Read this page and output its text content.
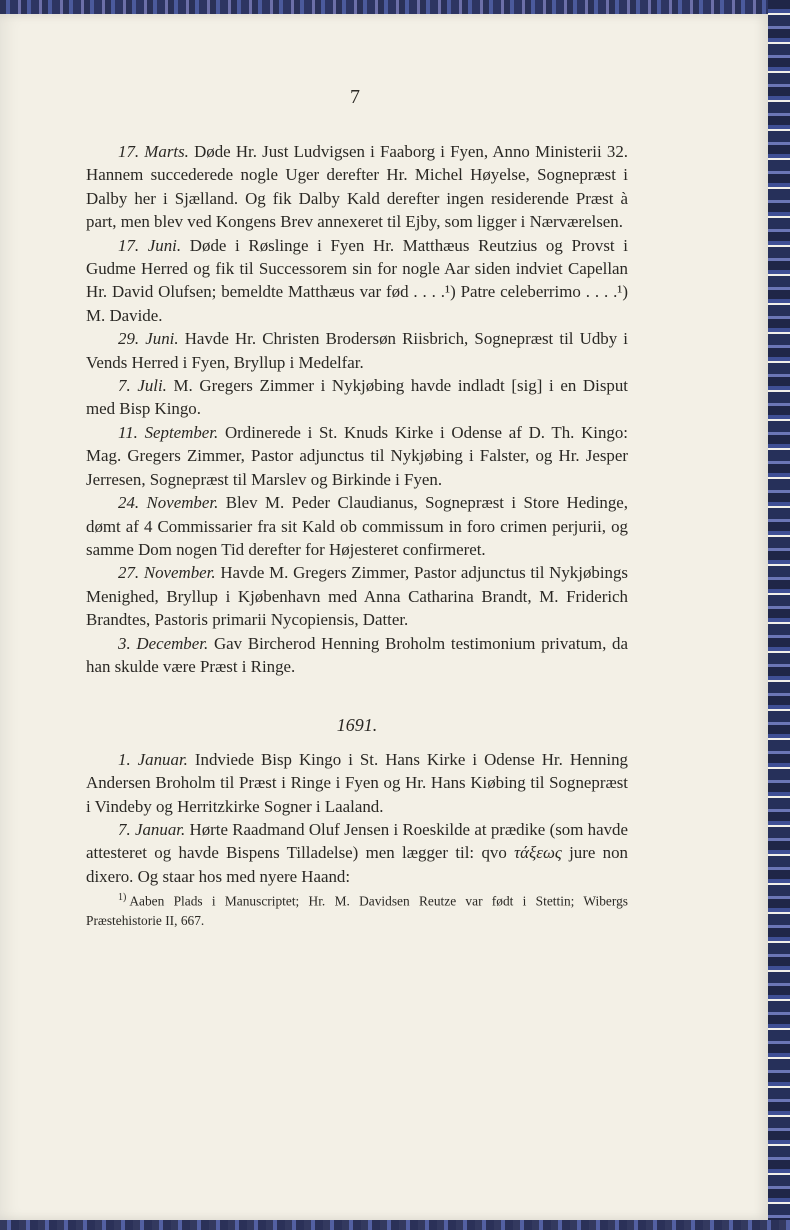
7

17. Marts. Døde Hr. Just Ludvigsen i Faaborg i Fyen, Anno Ministerii 32. Hannem succederede nogle Uger derefter Hr. Michel Høyelse, Sognepræst i Dalby her i Sjælland. Og fik Dalby Kald derefter ingen residerende Præst à part, men blev ved Kongens Brev annexeret til Ejby, som ligger i Nærværelsen.

17. Juni. Døde i Røslinge i Fyen Hr. Matthæus Reutzius og Provst i Gudme Herred og fik til Successorem sin for nogle Aar siden indviet Capellan Hr. David Olufsen; bemeldte Matthæus var fød . . . .¹) Patre celeberrimo . . . .¹) M. Davide.

29. Juni. Havde Hr. Christen Brodersøn Riisbrich, Sognepræst til Udby i Vends Herred i Fyen, Bryllup i Medelfar.

7. Juli. M. Gregers Zimmer i Nykjøbing havde indladt [sig] i en Disput med Bisp Kingo.

11. September. Ordinerede i St. Knuds Kirke i Odense af D. Th. Kingo: Mag. Gregers Zimmer, Pastor adjunctus til Nykjøbing i Falster, og Hr. Jesper Jerresen, Sognepræst til Marslev og Birkinde i Fyen.

24. November. Blev M. Peder Claudianus, Sognepræst i Store Hedinge, dømt af 4 Commissarier fra sit Kald ob commissum in foro crimen perjurii, og samme Dom nogen Tid derefter for Højesteret confirmeret.

27. November. Havde M. Gregers Zimmer, Pastor adjunctus til Nykjøbings Menighed, Bryllup i Kjøbenhavn med Anna Catharina Brandt, M. Friderich Brandtes, Pastoris primarii Nycopiensis, Datter.

3. December. Gav Bircherod Henning Broholm testimonium privatum, da han skulde være Præst i Ringe.

1691.

1. Januar. Indviede Bisp Kingo i St. Hans Kirke i Odense Hr. Henning Andersen Broholm til Præst i Ringe i Fyen og Hr. Hans Kiøbing til Sognepræst i Vindeby og Herritzkirke Sogner i Laaland.

7. Januar. Hørte Raadmand Oluf Jensen i Roeskilde at prædike (som havde attesteret og havde Bispens Tilladelse) men lægger til: qvo τάξεως jure non dixero. Og staar hos med nyere Haand:

$^{1)}$ Aaben Plads i Manuscriptet; Hr. M. Davidsen Reutze var født i Stettin; Wibergs Præstehistorie II, 667.
